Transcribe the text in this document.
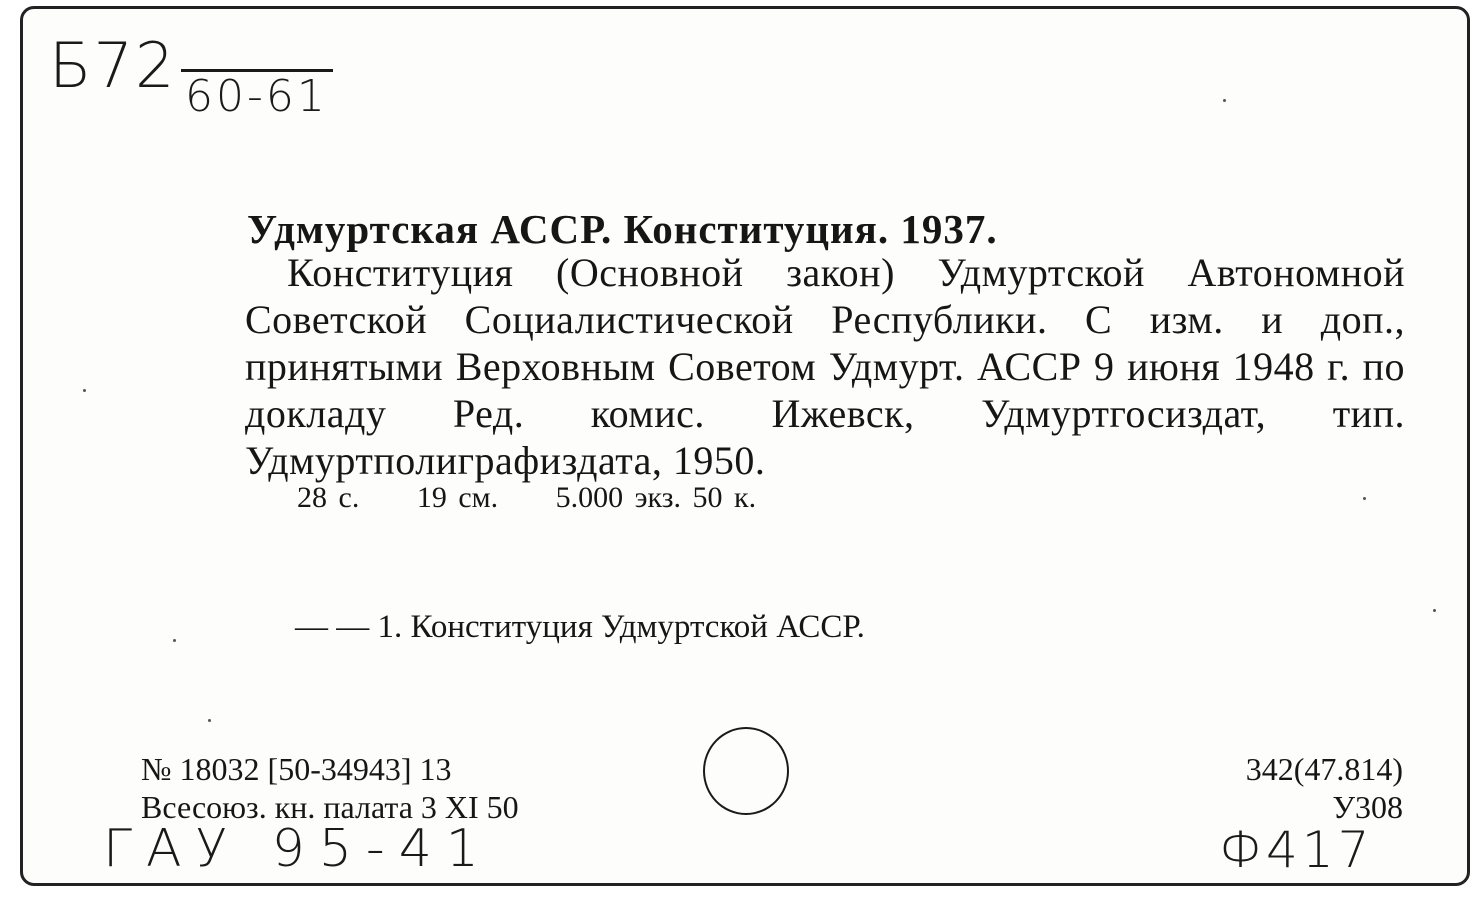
Б72 60-61

Удмуртская АССР. Конституция. 1937.

Конституция (Основной закон) Удмуртской Автономной Советской Социалистической Республики. С изм. и доп., принятыми Верховным Советом Удмурт. АССР 9 июня 1948 г. по докладу Ред. комис. Ижевск, Удмуртгосиздат, тип. Удмуртполиграфиздата, 1950.

28 с.     19 см.     5.000 экз. 50 к.

— — 1. Конституция Удмуртской АССР.

№ 18032 [50-34943] 13

Всесоюз. кн. палата 3 XI 50

342(47.814)

У308

ГАУ 95-41	Ф417
